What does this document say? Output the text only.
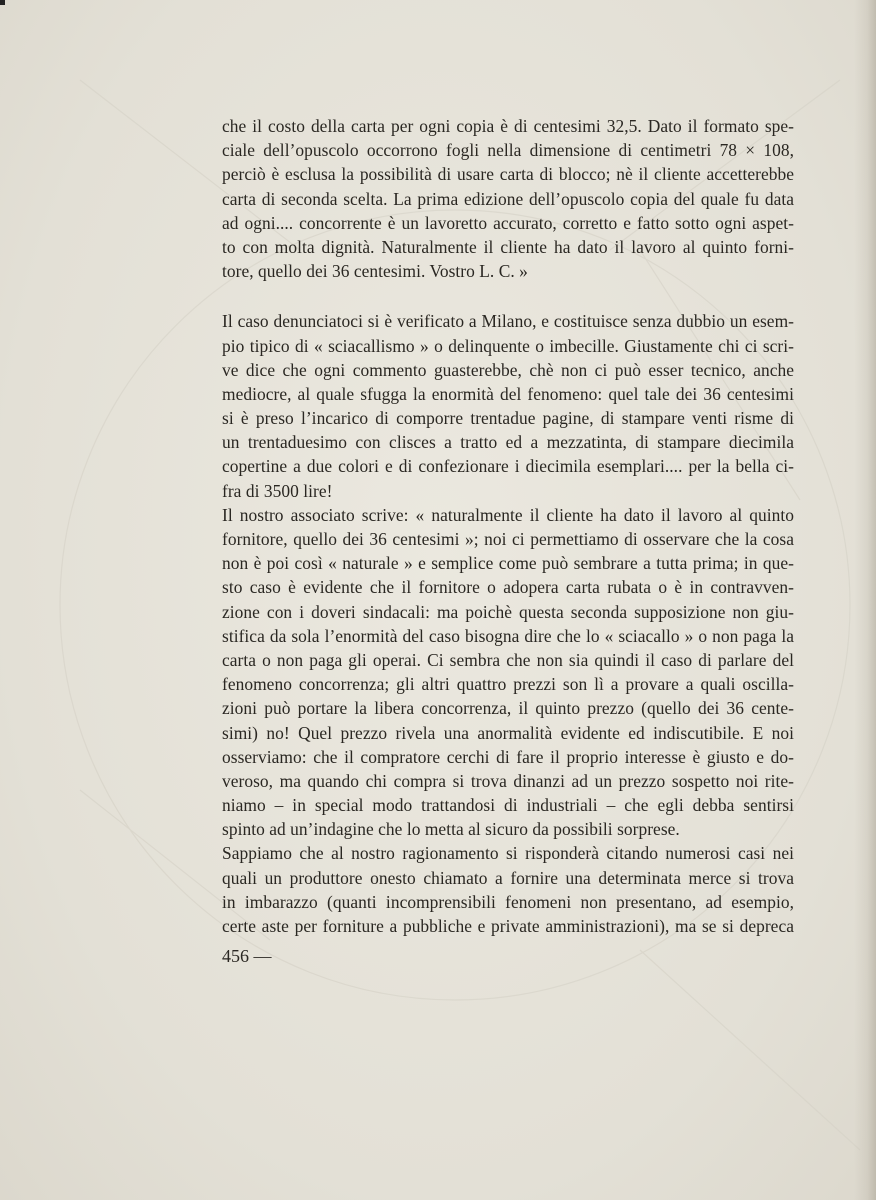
che il costo della carta per ogni copia è di centesimi 32,5. Dato il formato spe-
ciale dell’opuscolo occorrono fogli nella dimensione di centimetri 78 × 108,
perciò è esclusa la possibilità di usare carta di blocco; nè il cliente accetterebbe
carta di seconda scelta. La prima edizione dell’opuscolo copia del quale fu data
ad ogni.... concorrente è un lavoretto accurato, corretto e fatto sotto ogni aspet-
to con molta dignità. Naturalmente il cliente ha dato il lavoro al quinto forni-
tore, quello dei 36 centesimi. Vostro L. C. »
Il caso denunciatoci si è verificato a Milano, e costituisce senza dubbio un esem-
pio tipico di « sciacallismo » o delinquente o imbecille. Giustamente chi ci scri-
ve dice che ogni commento guasterebbe, chè non ci può esser tecnico, anche
mediocre, al quale sfugga la enormità del fenomeno: quel tale dei 36 centesimi
si è preso l’incarico di comporre trentadue pagine, di stampare venti risme di
un trentaduesimo con clisces a tratto ed a mezzatinta, di stampare diecimila
copertine a due colori e di confezionare i diecimila esemplari.... per la bella ci-
fra di 3500 lire!
Il nostro associato scrive: « naturalmente il cliente ha dato il lavoro al quinto
fornitore, quello dei 36 centesimi »; noi ci permettiamo di osservare che la cosa
non è poi così « naturale » e semplice come può sembrare a tutta prima; in que-
sto caso è evidente che il fornitore o adopera carta rubata o è in contravven-
zione con i doveri sindacali: ma poichè questa seconda supposizione non giu-
stifica da sola l’enormità del caso bisogna dire che lo « sciacallo » o non paga la
carta o non paga gli operai. Ci sembra che non sia quindi il caso di parlare del
fenomeno concorrenza; gli altri quattro prezzi son lì a provare a quali oscilla-
zioni può portare la libera concorrenza, il quinto prezzo (quello dei 36 cente-
simi) no! Quel prezzo rivela una anormalità evidente ed indiscutibile. E noi
osserviamo: che il compratore cerchi di fare il proprio interesse è giusto e do-
veroso, ma quando chi compra si trova dinanzi ad un prezzo sospetto noi rite-
niamo – in special modo trattandosi di industriali – che egli debba sentirsi
spinto ad un’indagine che lo metta al sicuro da possibili sorprese.
Sappiamo che al nostro ragionamento si risponderà citando numerosi casi nei
quali un produttore onesto chiamato a fornire una determinata merce si trova
in imbarazzo (quanti incomprensibili fenomeni non presentano, ad esempio,
certe aste per forniture a pubbliche e private amministrazioni), ma se si depreca
456 —
